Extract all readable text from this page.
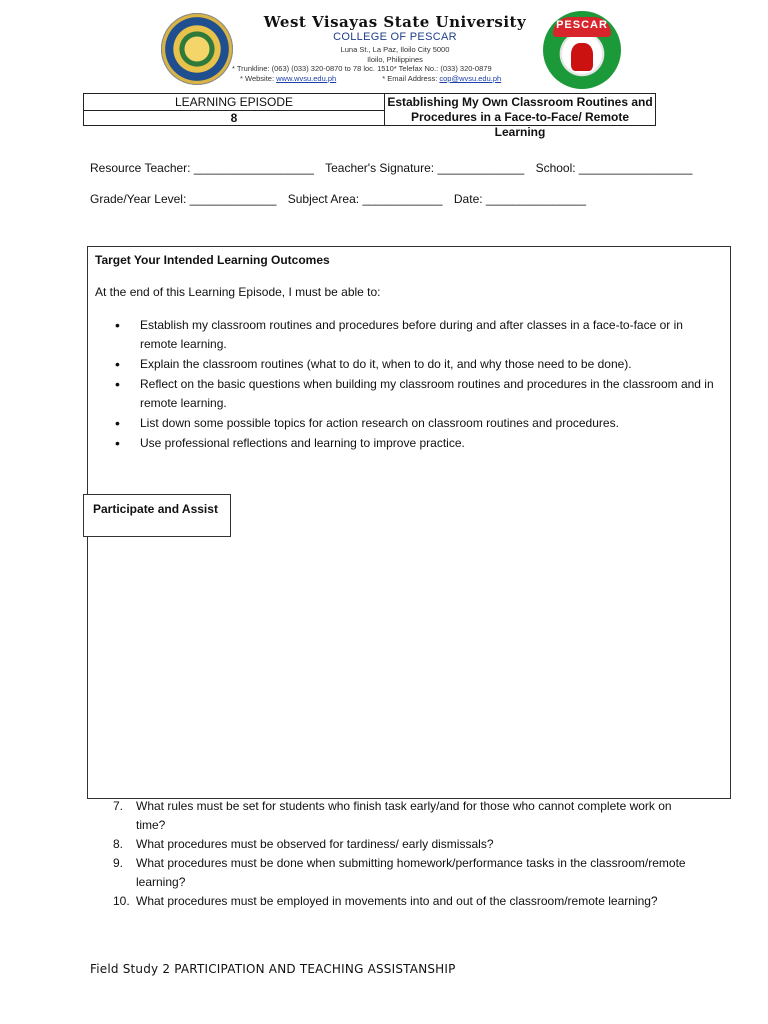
PESCAR
West Visayas State University
COLLEGE OF PESCAR
Luna St., La Paz, Iloilo City 5000
Iloilo, Philippines
* Trunkline: (063) (033) 320-0870 to 78 loc. 1510* Telefax No.: (033) 320-0879
* Website: www.wvsu.edu.ph	* Email Address: cop@wvsu.edu.ph
LEARNING EPISODE
8
Establishing My Own Classroom Routines and
Procedures in a Face-to-Face/ Remote Learning
Resource Teacher: __________________ Teacher's Signature: _____________ School: _________________
Grade/Year Level: _____________ Subject Area: ____________ Date: _______________
Target Your Intended Learning Outcomes
At the end of this Learning Episode, I must be able to:
• Establish my classroom routines and procedures before during and after classes in a face-to-face or in remote learning.
• Explain the classroom routines (what to do it, when to do it, and why those need to be done).
• Reflect on the basic questions when building my classroom routines and procedures in the classroom and in remote learning.
• List down some possible topics for action research on classroom routines and procedures.
• Use professional reflections and learning to improve practice.
Participate and Assist
7. What rules must be set for students who finish task early/and for those who cannot complete work on time?
8. What procedures must be observed for tardiness/ early dismissals?
9. What procedures must be done when submitting homework/performance tasks in the classroom/remote learning?
10. What procedures must be employed in movements into and out of the classroom/remote learning?
Field Study 2 PARTICIPATION AND TEACHING ASSISTANSHIP
